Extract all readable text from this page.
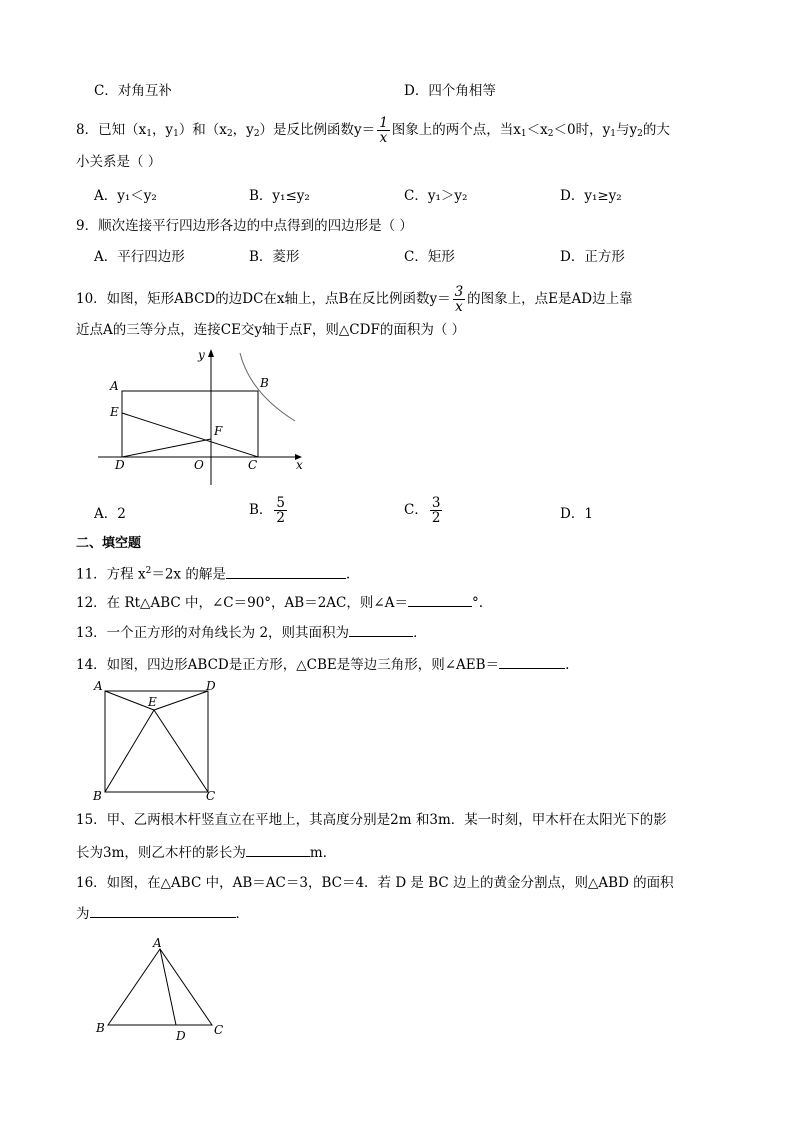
C．对角互补	D．四个角相等
8．已知（$x_1$，$y_1$）和（$x_2$，$y_2$）是反比例函数$y= \frac{1}{x}$ 图象上的两个点，当$x_1<x_2<0$时，$y_1$与$y_2$的大
小关系是（ ）
A．y₁＜y₂	B．y₁≤y₂	C．y₁＞y₂	D．y₁≥y₂
9．顺次连接平行四边形各边的中点得到的四边形是（ ）
A．平行四边形	B．菱形	C．矩形	D．正方形
10．如图，矩形ABCD的边DC在x轴上，点B在反比例函数$y= \frac{3}{x}$ 的图象上，点E是AD边上靠
近点A的三等分点，连接CE交y轴于点F，则△CDF的面积为（ ）
y
A	B
E
F
D	O	C	x
A．2	B． $\frac{5}{2}$	C． $\frac{3}{2}$	D．1
二、填空题
11．方程 $x^2=2x$ 的解是	.
12．在 Rt△ABC 中，∠C＝90°，AB＝2AC，则∠A＝	°.
13．一个正方形的对角线长为 2，则其面积为	．
14．如图，四边形ABCD是正方形，△CBE是等边三角形，则∠AEB＝	.
A	D
E
B	C
15．甲、乙两根木杆竖直立在平地上，其高度分别是2m 和3m．某一时刻，甲木杆在太阳光下的影
长为3m，则乙木杆的影长为	m．
16．如图，在△ABC 中，AB＝AC＝3，BC＝4．若 D 是 BC 边上的黄金分割点，则△ABD 的面积
为	．
A
B
D C
